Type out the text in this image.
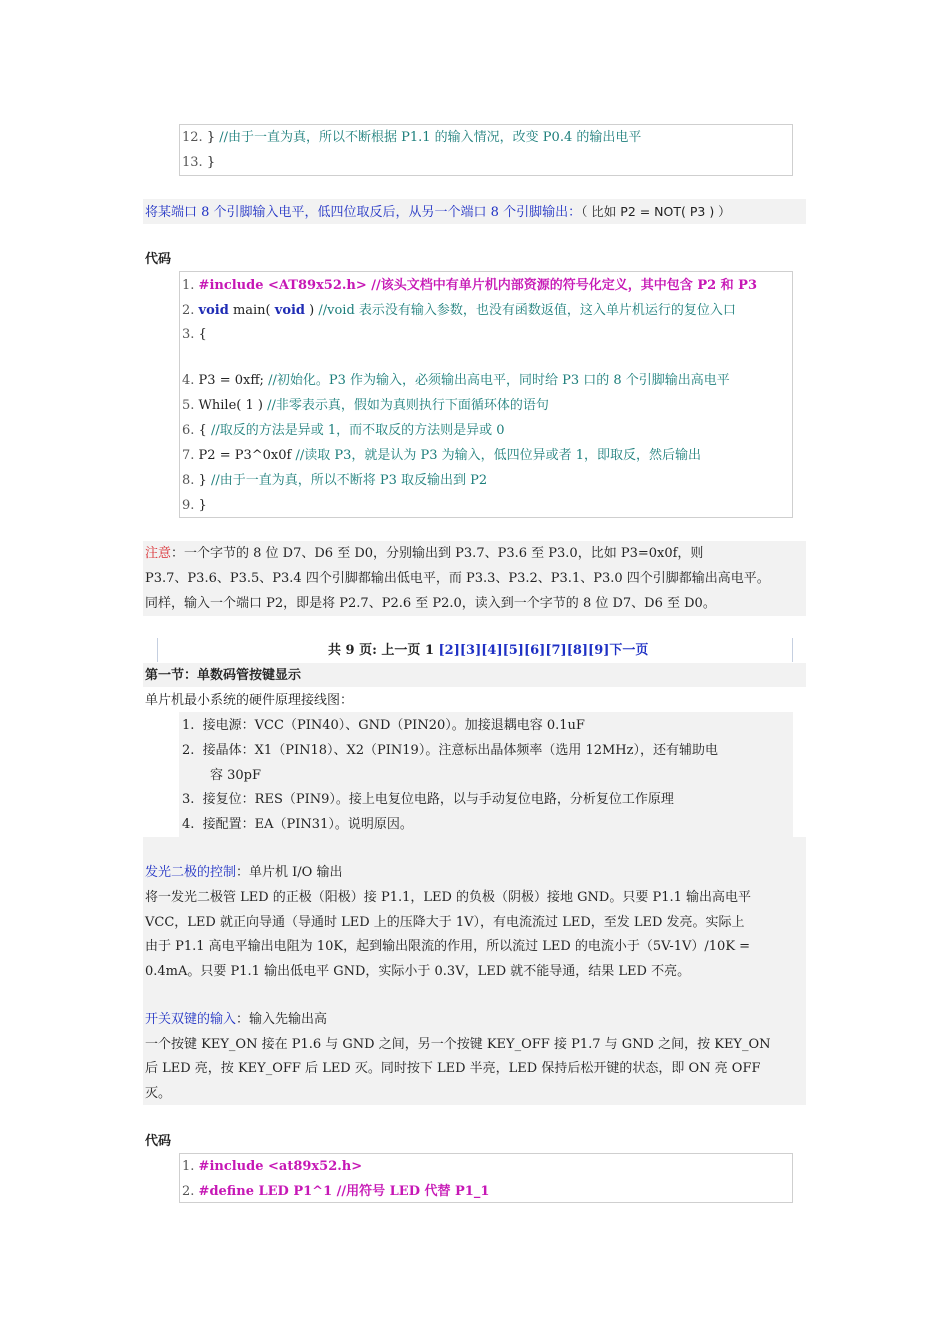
12. } //由于一直为真，所以不断根据 P1.1 的输入情况，改变 P0.4 的输出电平
13. }
将某端口 8 个引脚输入电平，低四位取反后，从另一个端口 8 个引脚输出：（ 比如 P2 = NOT( P3 ) ）
代码
1. #include <AT89x52.h> //该头文档中有单片机内部资源的符号化定义，其中包含 P2 和 P3
2. void main( void ) //void 表示没有输入参数，也没有函数返值，这入单片机运行的复位入口
3. {
4. P3 = 0xff; //初始化。P3 作为输入，必须输出高电平，同时给 P3 口的 8 个引脚输出高电平
5. While( 1 ) //非零表示真，假如为真则执行下面循环体的语句
6. { //取反的方法是异或 1，而不取反的方法则是异或 0
7. P2 = P3^0x0f //读取 P3，就是认为 P3 为输入，低四位异或者 1，即取反，然后输出
8. } //由于一直为真，所以不断将 P3 取反输出到 P2
9. }
注意：一个字节的 8 位 D7、D6 至 D0，分别输出到 P3.7、P3.6 至 P3.0，比如 P3=0x0f，则
P3.7、P3.6、P3.5、P3.4 四个引脚都输出低电平，而 P3.3、P3.2、P3.1、P3.0 四个引脚都输出高电平。
同样，输入一个端口 P2，即是将 P2.7、P2.6 至 P2.0，读入到一个字节的 8 位 D7、D6 至 D0。
共 9 页: 上一页 1 [2][3][4][5][6][7][8][9]下一页
第一节：单数码管按键显示
单片机最小系统的硬件原理接线图：
1. 接电源：VCC（PIN40）、GND（PIN20）。加接退耦电容 0.1uF
2. 接晶体：X1（PIN18）、X2（PIN19）。注意标出晶体频率（选用 12MHz），还有辅助电
容 30pF
3. 接复位：RES（PIN9）。接上电复位电路，以与手动复位电路，分析复位工作原理
4. 接配置：EA（PIN31）。说明原因。
发光二极的控制：单片机 I/O 输出
将一发光二极管 LED 的正极（阳极）接 P1.1，LED 的负极（阴极）接地 GND。只要 P1.1 输出高电平
VCC，LED 就正向导通（导通时 LED 上的压降大于 1V），有电流流过 LED，至发 LED 发亮。实际上
由于 P1.1 高电平输出电阻为 10K，起到输出限流的作用，所以流过 LED 的电流小于（5V-1V）/10K =
0.4mA。只要 P1.1 输出低电平 GND，实际小于 0.3V，LED 就不能导通，结果 LED 不亮。
开关双键的输入：输入先输出高
一个按键 KEY_ON 接在 P1.6 与 GND 之间，另一个按键 KEY_OFF 接 P1.7 与 GND 之间，按 KEY_ON
后 LED 亮，按 KEY_OFF 后 LED 灭。同时按下 LED 半亮，LED 保持后松开键的状态，即 ON 亮 OFF
灭。
代码
1. #include <at89x52.h>
2. #define LED P1^1 //用符号 LED 代替 P1_1
